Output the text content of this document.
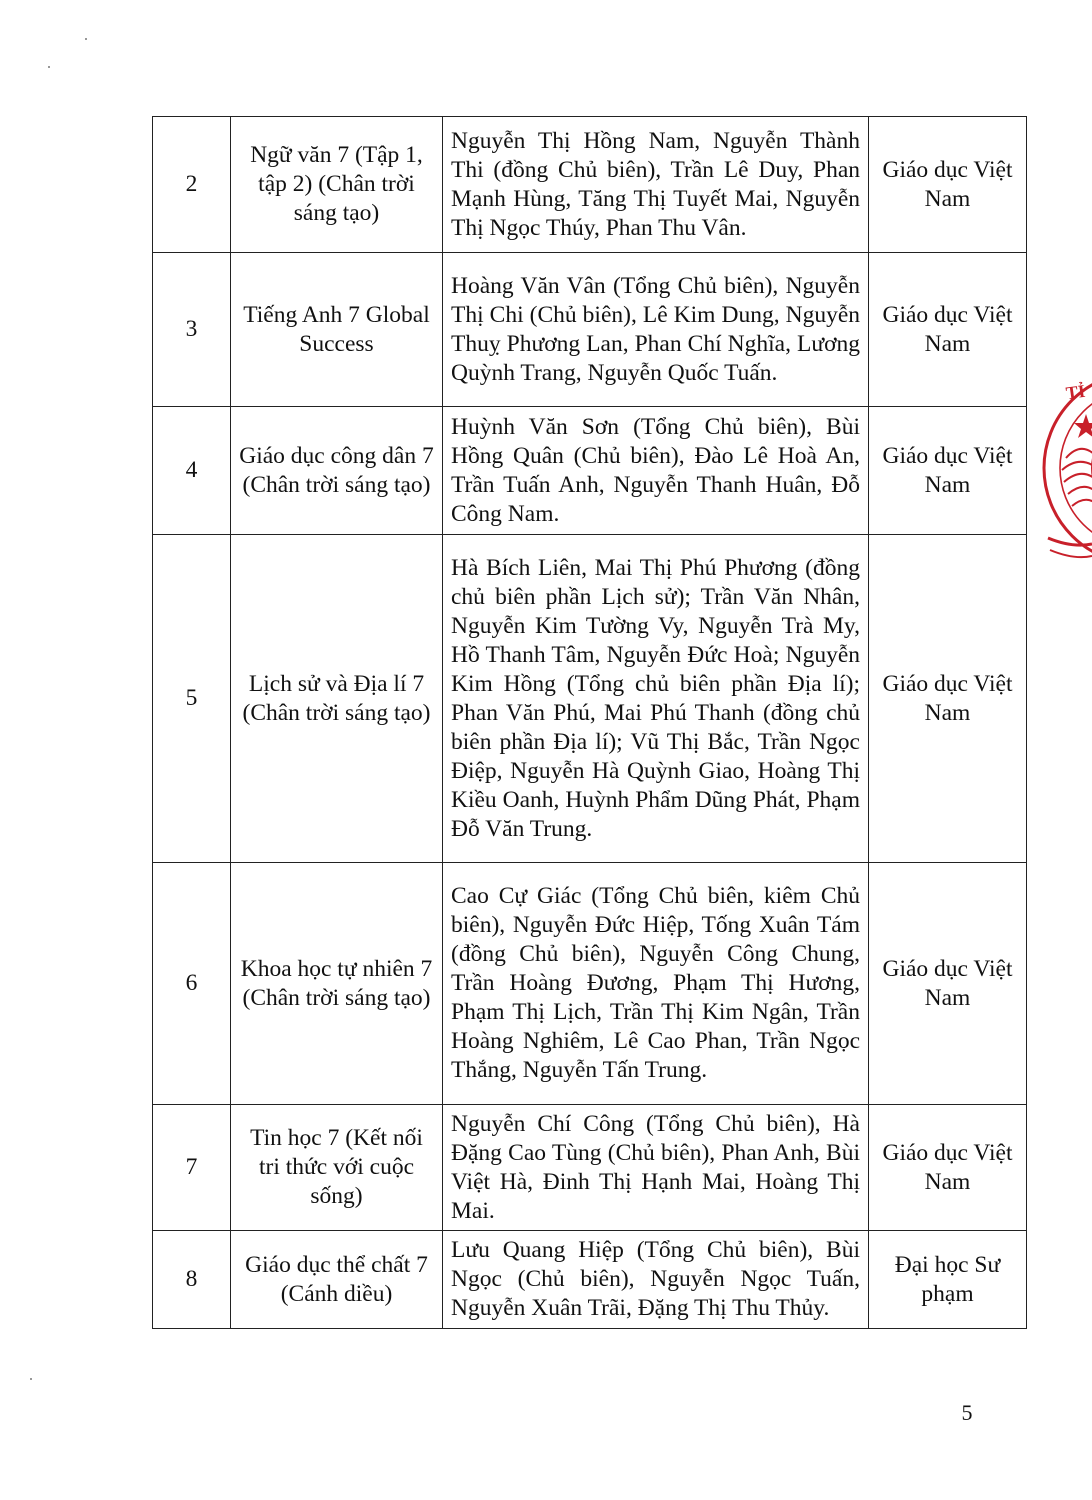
2	Ngữ văn 7 (Tập 1, tập 2) (Chân trời sáng tạo)	Nguyễn Thị Hồng Nam, Nguyễn Thành Thi (đồng Chủ biên), Trần Lê Duy, Phan Mạnh Hùng, Tăng Thị Tuyết Mai, Nguyễn Thị Ngọc Thúy, Phan Thu Vân.	Giáo dục Việt Nam
3	Tiếng Anh 7 Global Success	Hoàng Văn Vân (Tổng Chủ biên), Nguyễn Thị Chi (Chủ biên), Lê Kim Dung, Nguyễn Thuỵ Phương Lan, Phan Chí Nghĩa, Lương Quỳnh Trang, Nguyễn Quốc Tuấn.	Giáo dục Việt Nam
4	Giáo dục công dân 7 (Chân trời sáng tạo)	Huỳnh Văn Sơn (Tổng Chủ biên), Bùi Hồng Quân (Chủ biên), Đào Lê Hoà An, Trần Tuấn Anh, Nguyễn Thanh Huân, Đỗ Công Nam.	Giáo dục Việt Nam
5	Lịch sử và Địa lí 7 (Chân trời sáng tạo)	Hà Bích Liên, Mai Thị Phú Phương (đồng chủ biên phần Lịch sử); Trần Văn Nhân, Nguyễn Kim Tường Vy, Nguyễn Trà My, Hồ Thanh Tâm, Nguyễn Đức Hoà; Nguyễn Kim Hồng (Tổng chủ biên phần Địa lí); Phan Văn Phú, Mai Phú Thanh (đồng chủ biên phần Địa lí); Vũ Thị Bắc, Trần Ngọc Điệp, Nguyễn Hà Quỳnh Giao, Hoàng Thị Kiều Oanh, Huỳnh Phẩm Dũng Phát, Phạm Đỗ Văn Trung.	Giáo dục Việt Nam
6	Khoa học tự nhiên 7 (Chân trời sáng tạo)	Cao Cự Giác (Tổng Chủ biên, kiêm Chủ biên), Nguyễn Đức Hiệp, Tống Xuân Tám (đồng Chủ biên), Nguyễn Công Chung, Trần Hoàng Đương, Phạm Thị Hương, Phạm Thị Lịch, Trần Thị Kim Ngân, Trần Hoàng Nghiêm, Lê Cao Phan, Trần Ngọc Thắng, Nguyễn Tấn Trung.	Giáo dục Việt Nam
7	Tin học 7 (Kết nối tri thức với cuộc sống)	Nguyễn Chí Công (Tổng Chủ biên), Hà Đặng Cao Tùng (Chủ biên), Phan Anh, Bùi Việt Hà, Đinh Thị Hạnh Mai, Hoàng Thị Mai.	Giáo dục Việt Nam
8	Giáo dục thể chất 7 (Cánh diều)	Lưu Quang Hiệp (Tổng Chủ biên), Bùi Ngọc (Chủ biên), Nguyễn Ngọc Tuấn, Nguyễn Xuân Trãi, Đặng Thị Thu Thủy.	Đại học Sư phạm
5
TỈ
